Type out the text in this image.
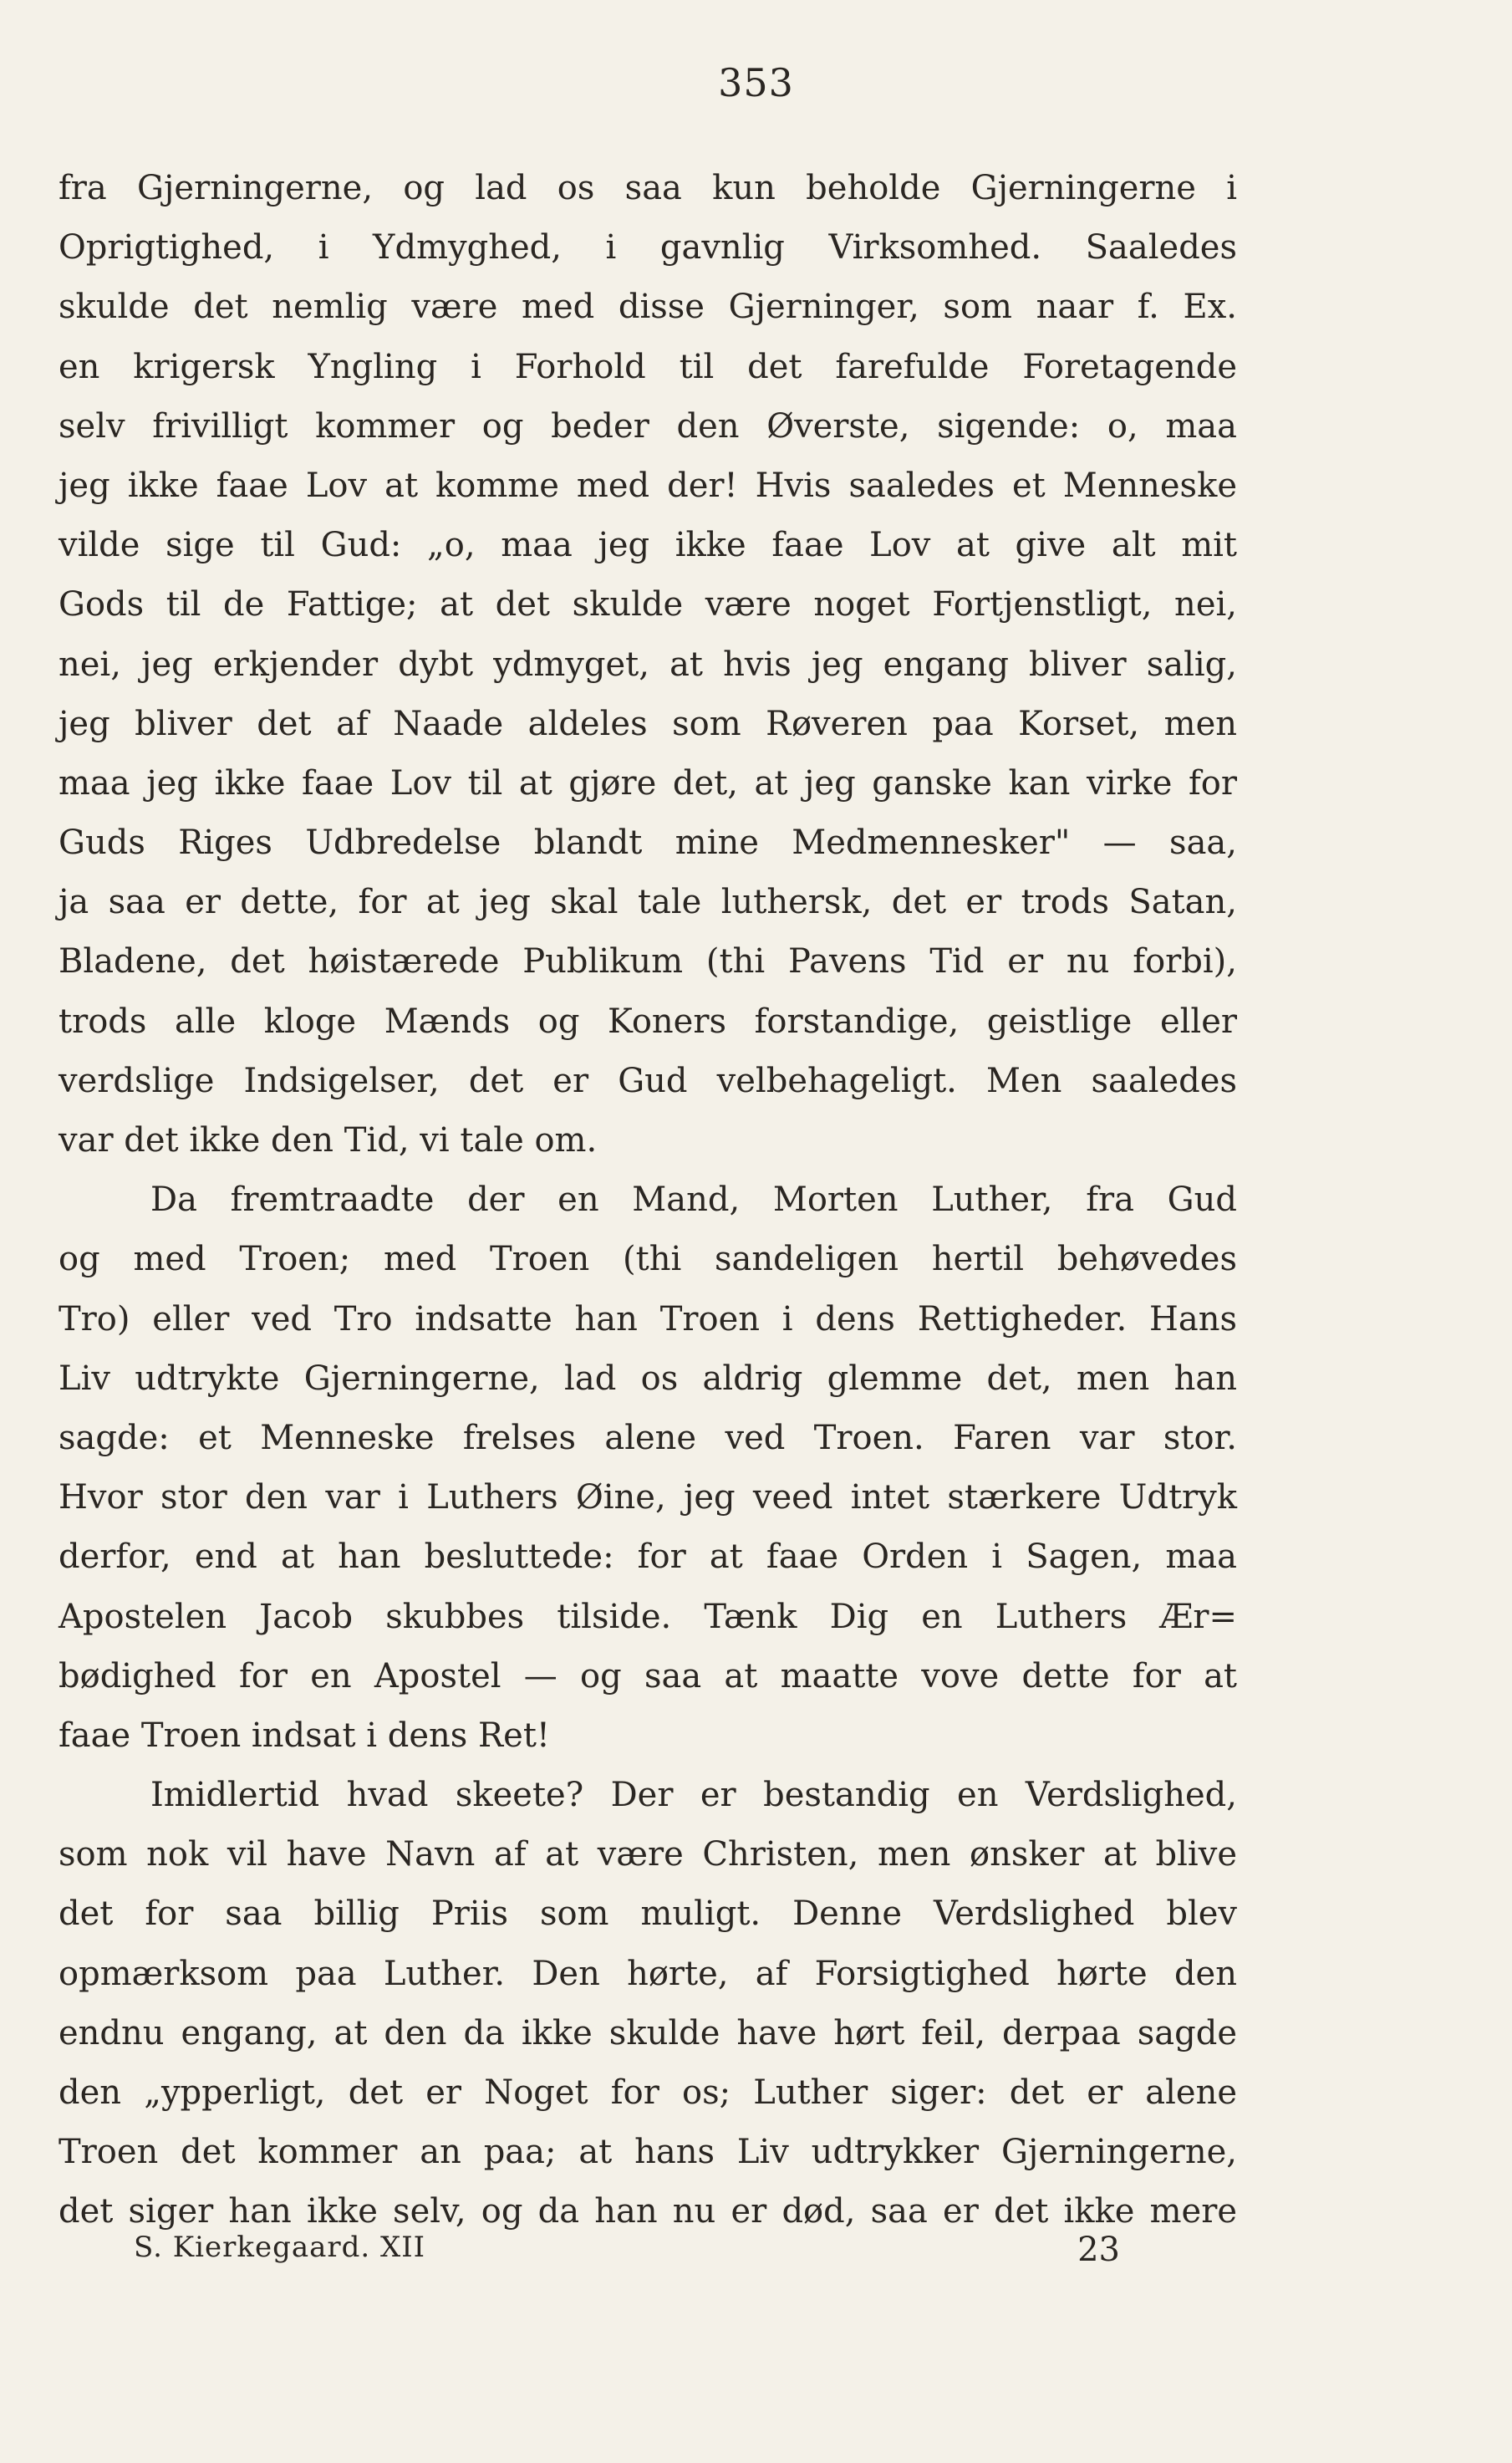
353
fra Gjerningerne, og lad os saa kun beholde Gjerningerne i
Oprigtighed, i Ydmyghed, i gavnlig Virksomhed. Saaledes
skulde det nemlig være med disse Gjerninger, som naar f. Ex.
en krigersk Yngling i Forhold til det farefulde Foretagende
selv frivilligt kommer og beder den Øverste, sigende: o, maa
jeg ikke faae Lov at komme med der! Hvis saaledes et Menneske
vilde sige til Gud: „o, maa jeg ikke faae Lov at give alt mit
Gods til de Fattige; at det skulde være noget Fortjenstligt, nei,
nei, jeg erkjender dybt ydmyget, at hvis jeg engang bliver salig,
jeg bliver det af Naade aldeles som Røveren paa Korset, men
maa jeg ikke faae Lov til at gjøre det, at jeg ganske kan virke for
Guds Riges Udbredelse blandt mine Medmennesker" — saa,
ja saa er dette, for at jeg skal tale luthersk, det er trods Satan,
Bladene, det høistærede Publikum (thi Pavens Tid er nu forbi),
trods alle kloge Mænds og Koners forstandige, geistlige eller
verdslige Indsigelser, det er Gud velbehageligt. Men saaledes
var det ikke den Tid, vi tale om.
Da fremtraadte der en Mand, Morten Luther, fra Gud
og med Troen; med Troen (thi sandeligen hertil behøvedes
Tro) eller ved Tro indsatte han Troen i dens Rettigheder. Hans
Liv udtrykte Gjerningerne, lad os aldrig glemme det, men han
sagde: et Menneske frelses alene ved Troen. Faren var stor.
Hvor stor den var i Luthers Øine, jeg veed intet stærkere Udtryk
derfor, end at han besluttede: for at faae Orden i Sagen, maa
Apostelen Jacob skubbes tilside. Tænk Dig en Luthers Ær=
bødighed for en Apostel — og saa at maatte vove dette for at
faae Troen indsat i dens Ret!
Imidlertid hvad skeete? Der er bestandig en Verdslighed,
som nok vil have Navn af at være Christen, men ønsker at blive
det for saa billig Priis som muligt. Denne Verdslighed blev
opmærksom paa Luther. Den hørte, af Forsigtighed hørte den
endnu engang, at den da ikke skulde have hørt feil, derpaa sagde
den „ypperligt, det er Noget for os; Luther siger: det er alene
Troen det kommer an paa; at hans Liv udtrykker Gjerningerne,
det siger han ikke selv, og da han nu er død, saa er det ikke mere
S. Kierkegaard. XII	23
